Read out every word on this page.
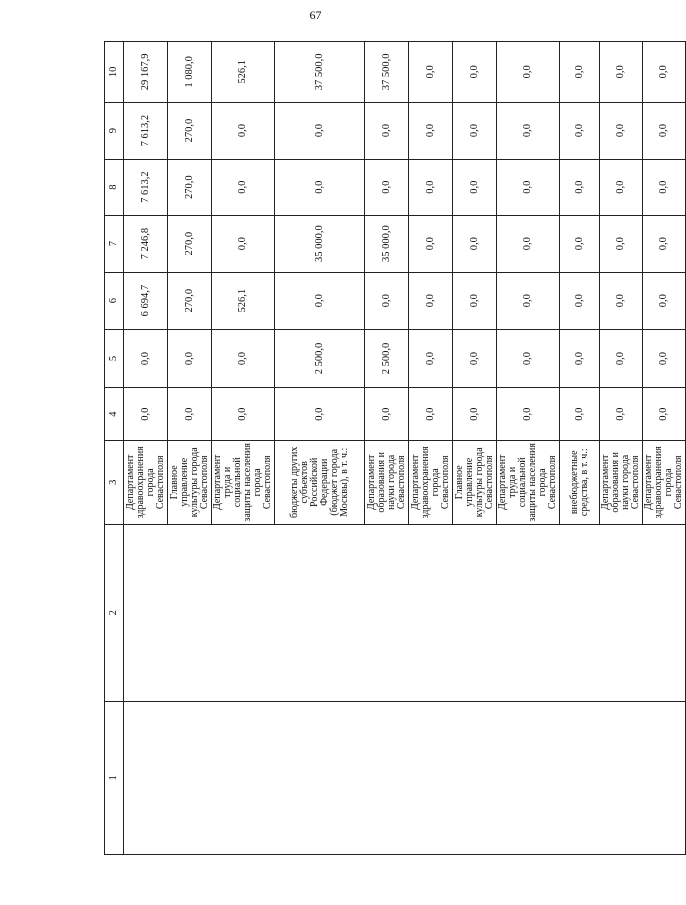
67
1	2	3	4	5	6	7	8	9	10
		Департамент здравоохранения города Севастополя	0,0	0,0	6 694,7	7 246,8	7 613,2	7 613,2	29 167,9
		Главное управление культуры города Севастополя	0,0	0,0	270,0	270,0	270,0	270,0	1 080,0
		Департамент труда и социальной защиты населения города Севастополя	0,0	0,0	526,1	0,0	0,0	0,0	526,1
		бюджеты других субъектов Российской Федерации (бюджет города Москвы), в т. ч.:	0,0	2 500,0	0,0	35 000,0	0,0	0,0	37 500,0
		Департамент образования и науки города Севастополя	0,0	2 500,0	0,0	35 000,0	0,0	0,0	37 500,0
		Департамент здравоохранения города Севастополя	0,0	0,0	0,0	0,0	0,0	0,0	0,0
		Главное управление культуры города Севастополя	0,0	0,0	0,0	0,0	0,0	0,0	0,0
		Департамент труда и социальной защиты населения города Севастополя	0,0	0,0	0,0	0,0	0,0	0,0	0,0
		внебюджетные средства, в т. ч.:	0,0	0,0	0,0	0,0	0,0	0,0	0,0
		Департамент образования и науки города Севастополя	0,0	0,0	0,0	0,0	0,0	0,0	0,0
		Департамент здравоохранения города Севастополя	0,0	0,0	0,0	0,0	0,0	0,0	0,0
